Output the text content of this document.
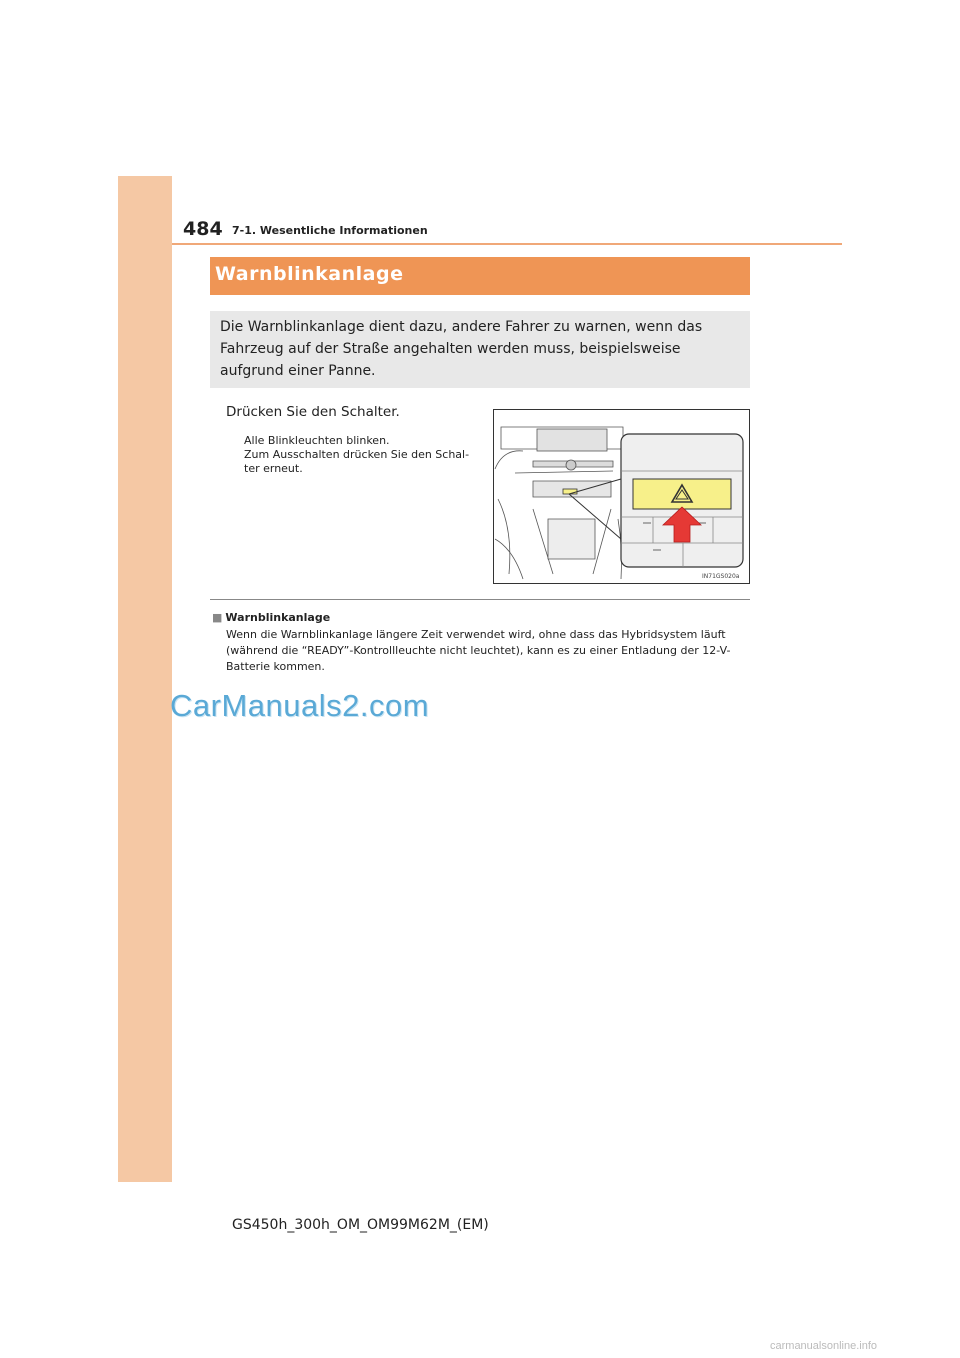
484 7-1. Wesentliche Informationen
Warnblinkanlage
Die Warnblinkanlage dient dazu, andere Fahrer zu warnen, wenn das Fahrzeug auf der Straße angehalten werden muss, beispielsweise aufgrund einer Panne.
Drücken Sie den Schalter.
Alle Blinkleuchten blinken.
Zum Ausschalten drücken Sie den Schal-
ter erneut.
IN71GS020a
■ Warnblinkanlage
Wenn die Warnblinkanlage längere Zeit verwendet wird, ohne dass das Hybridsystem läuft (während die “READY”-Kontrollleuchte nicht leuchtet), kann es zu einer Entladung der 12-V-Batterie kommen.
CarManuals2.com
GS450h_300h_OM_OM99M62M_(EM)
carmanualsonline.info
